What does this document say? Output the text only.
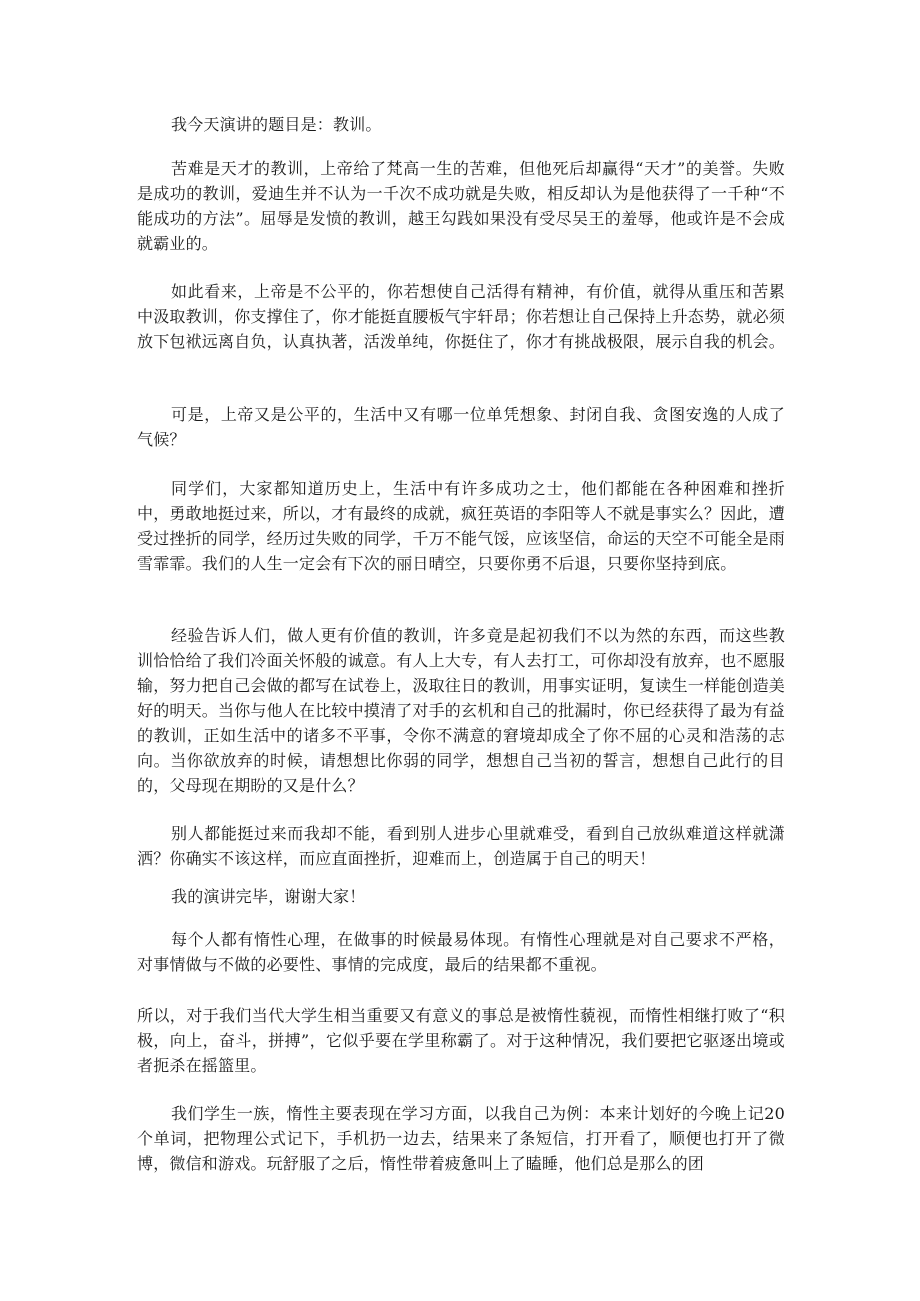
我今天演讲的题目是：教训。

苦难是天才的教训，上帝给了梵高一生的苦难，但他死后却赢得“天才”的美誉。失败是成功的教训，爱迪生并不认为一千次不成功就是失败，相反却认为是他获得了一千种“不能成功的方法”。屈辱是发愤的教训，越王勾践如果没有受尽吴王的羞辱，他或许是不会成就霸业的。

如此看来，上帝是不公平的，你若想使自己活得有精神，有价值，就得从重压和苦累中汲取教训，你支撑住了，你才能挺直腰板气宇轩昂；你若想让自己保持上升态势，就必须放下包袱远离自负，认真执著，活泼单纯，你挺住了，你才有挑战极限，展示自我的机会。

可是，上帝又是公平的，生活中又有哪一位单凭想象、封闭自我、贪图安逸的人成了气候？

同学们，大家都知道历史上，生活中有许多成功之士，他们都能在各种困难和挫折中，勇敢地挺过来，所以，才有最终的成就，疯狂英语的李阳等人不就是事实么？因此，遭受过挫折的同学，经历过失败的同学，千万不能气馁，应该坚信，命运的天空不可能全是雨雪霏霏。我们的人生一定会有下次的丽日晴空，只要你勇不后退，只要你坚持到底。

经验告诉人们，做人更有价值的教训，许多竟是起初我们不以为然的东西，而这些教训恰恰给了我们冷面关怀般的诚意。有人上大专，有人去打工，可你却没有放弃，也不愿服输，努力把自己会做的都写在试卷上，汲取往日的教训，用事实证明，复读生一样能创造美好的明天。当你与他人在比较中摸清了对手的玄机和自己的批漏时，你已经获得了最为有益的教训，正如生活中的诸多不平事，令你不满意的窘境却成全了你不屈的心灵和浩荡的志向。当你欲放弃的时候，请想想比你弱的同学，想想自己当初的誓言，想想自己此行的目的，父母现在期盼的又是什么？

别人都能挺过来而我却不能，看到别人进步心里就难受，看到自己放纵难道这样就潇洒？你确实不该这样，而应直面挫折，迎难而上，创造属于自己的明天！

我的演讲完毕，谢谢大家！

每个人都有惰性心理，在做事的时候最易体现。有惰性心理就是对自己要求不严格，对事情做与不做的必要性、事情的完成度，最后的结果都不重视。

所以，对于我们当代大学生相当重要又有意义的事总是被惰性藐视，而惰性相继打败了“积极，向上，奋斗，拼搏”，它似乎要在学里称霸了。对于这种情况，我们要把它驱逐出境或者扼杀在摇篮里。

我们学生一族，惰性主要表现在学习方面，以我自己为例：本来计划好的今晚上记20个单词，把物理公式记下，手机扔一边去，结果来了条短信，打开看了，顺便也打开了微博，微信和游戏。玩舒服了之后，惰性带着疲惫叫上了瞌睡，他们总是那么的团
